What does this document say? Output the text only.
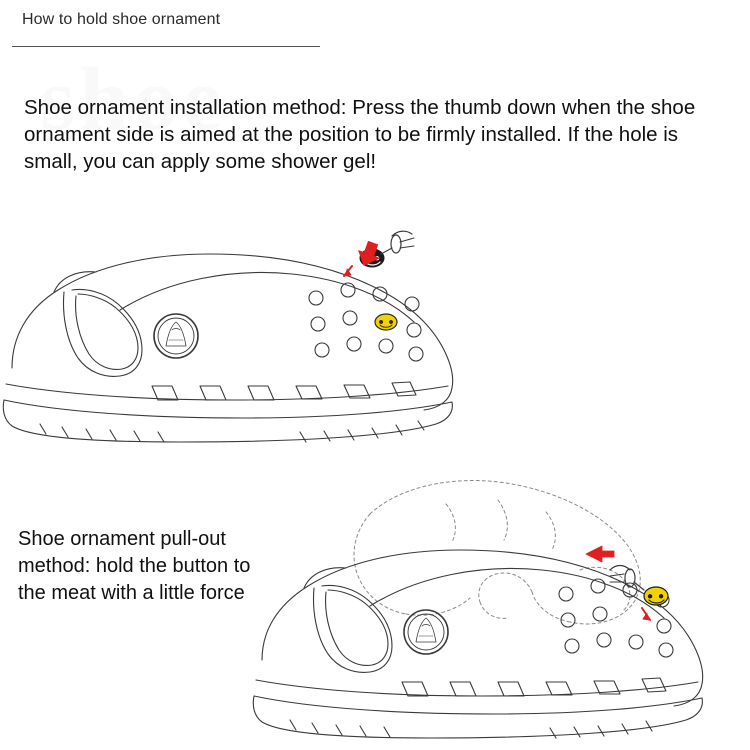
shoe
How to hold shoe ornament
Shoe ornament installation method: Press the thumb down when the shoe ornament side is aimed at the position to be firmly installed. If the hole is small, you can apply some shower gel!
Shoe ornament pull-out method: hold the button to the meat with a little force
